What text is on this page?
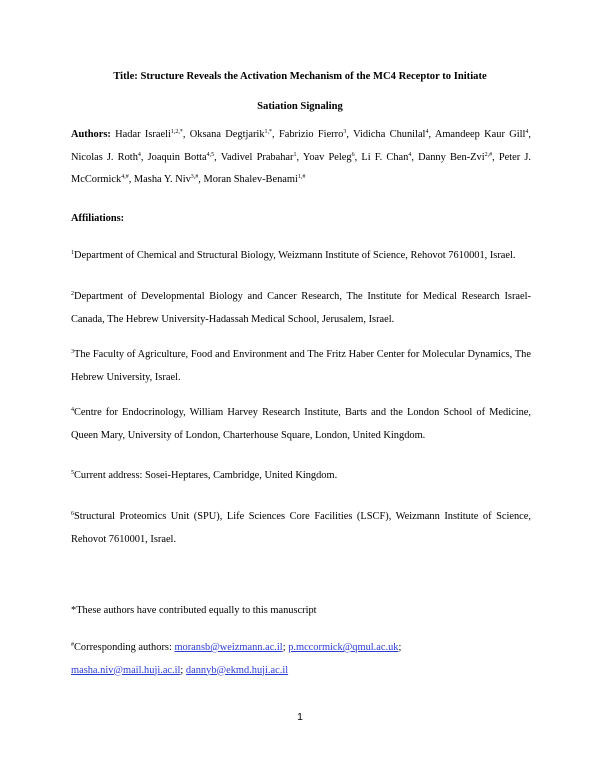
Title: Structure Reveals the Activation Mechanism of the MC4 Receptor to Initiate
Satiation Signaling
Authors: Hadar Israeli$^{1,2,*}$, Oksana Degtjarik$^{1,*}$, Fabrizio Fierro$^3$, Vidicha Chunilal$^4$, Amandeep Kaur Gill$^4$, Nicolas J. Roth$^4$, Joaquin Botta$^{4,5}$, Vadivel Prabahar$^1$, Yoav Peleg$^6$, Li F. Chan$^4$, Danny Ben-Zvi$^{2,\#}$, Peter J. McCormick$^{4,\#}$, Masha Y. Niv$^{3,\#}$, Moran Shalev-Benami$^{1,\#}$
Affiliations:
$^1$Department of Chemical and Structural Biology, Weizmann Institute of Science, Rehovot 7610001, Israel.
$^2$Department of Developmental Biology and Cancer Research, The Institute for Medical Research Israel-Canada, The Hebrew University-Hadassah Medical School, Jerusalem, Israel.
$^3$The Faculty of Agriculture, Food and Environment and The Fritz Haber Center for Molecular Dynamics, The Hebrew University, Israel.
$^4$Centre for Endocrinology, William Harvey Research Institute, Barts and the London School of Medicine, Queen Mary, University of London, Charterhouse Square, London, United Kingdom.
$^5$Current address: Sosei-Heptares, Cambridge, United Kingdom.
$^6$Structural Proteomics Unit (SPU), Life Sciences Core Facilities (LSCF), Weizmann Institute of Science, Rehovot 7610001, Israel.
*These authors have contributed equally to this manuscript
#Corresponding authors: moransb@weizmann.ac.il; p.mccormick@qmul.ac.uk;
masha.niv@mail.huji.ac.il; dannyb@ekmd.huji.ac.il
1
